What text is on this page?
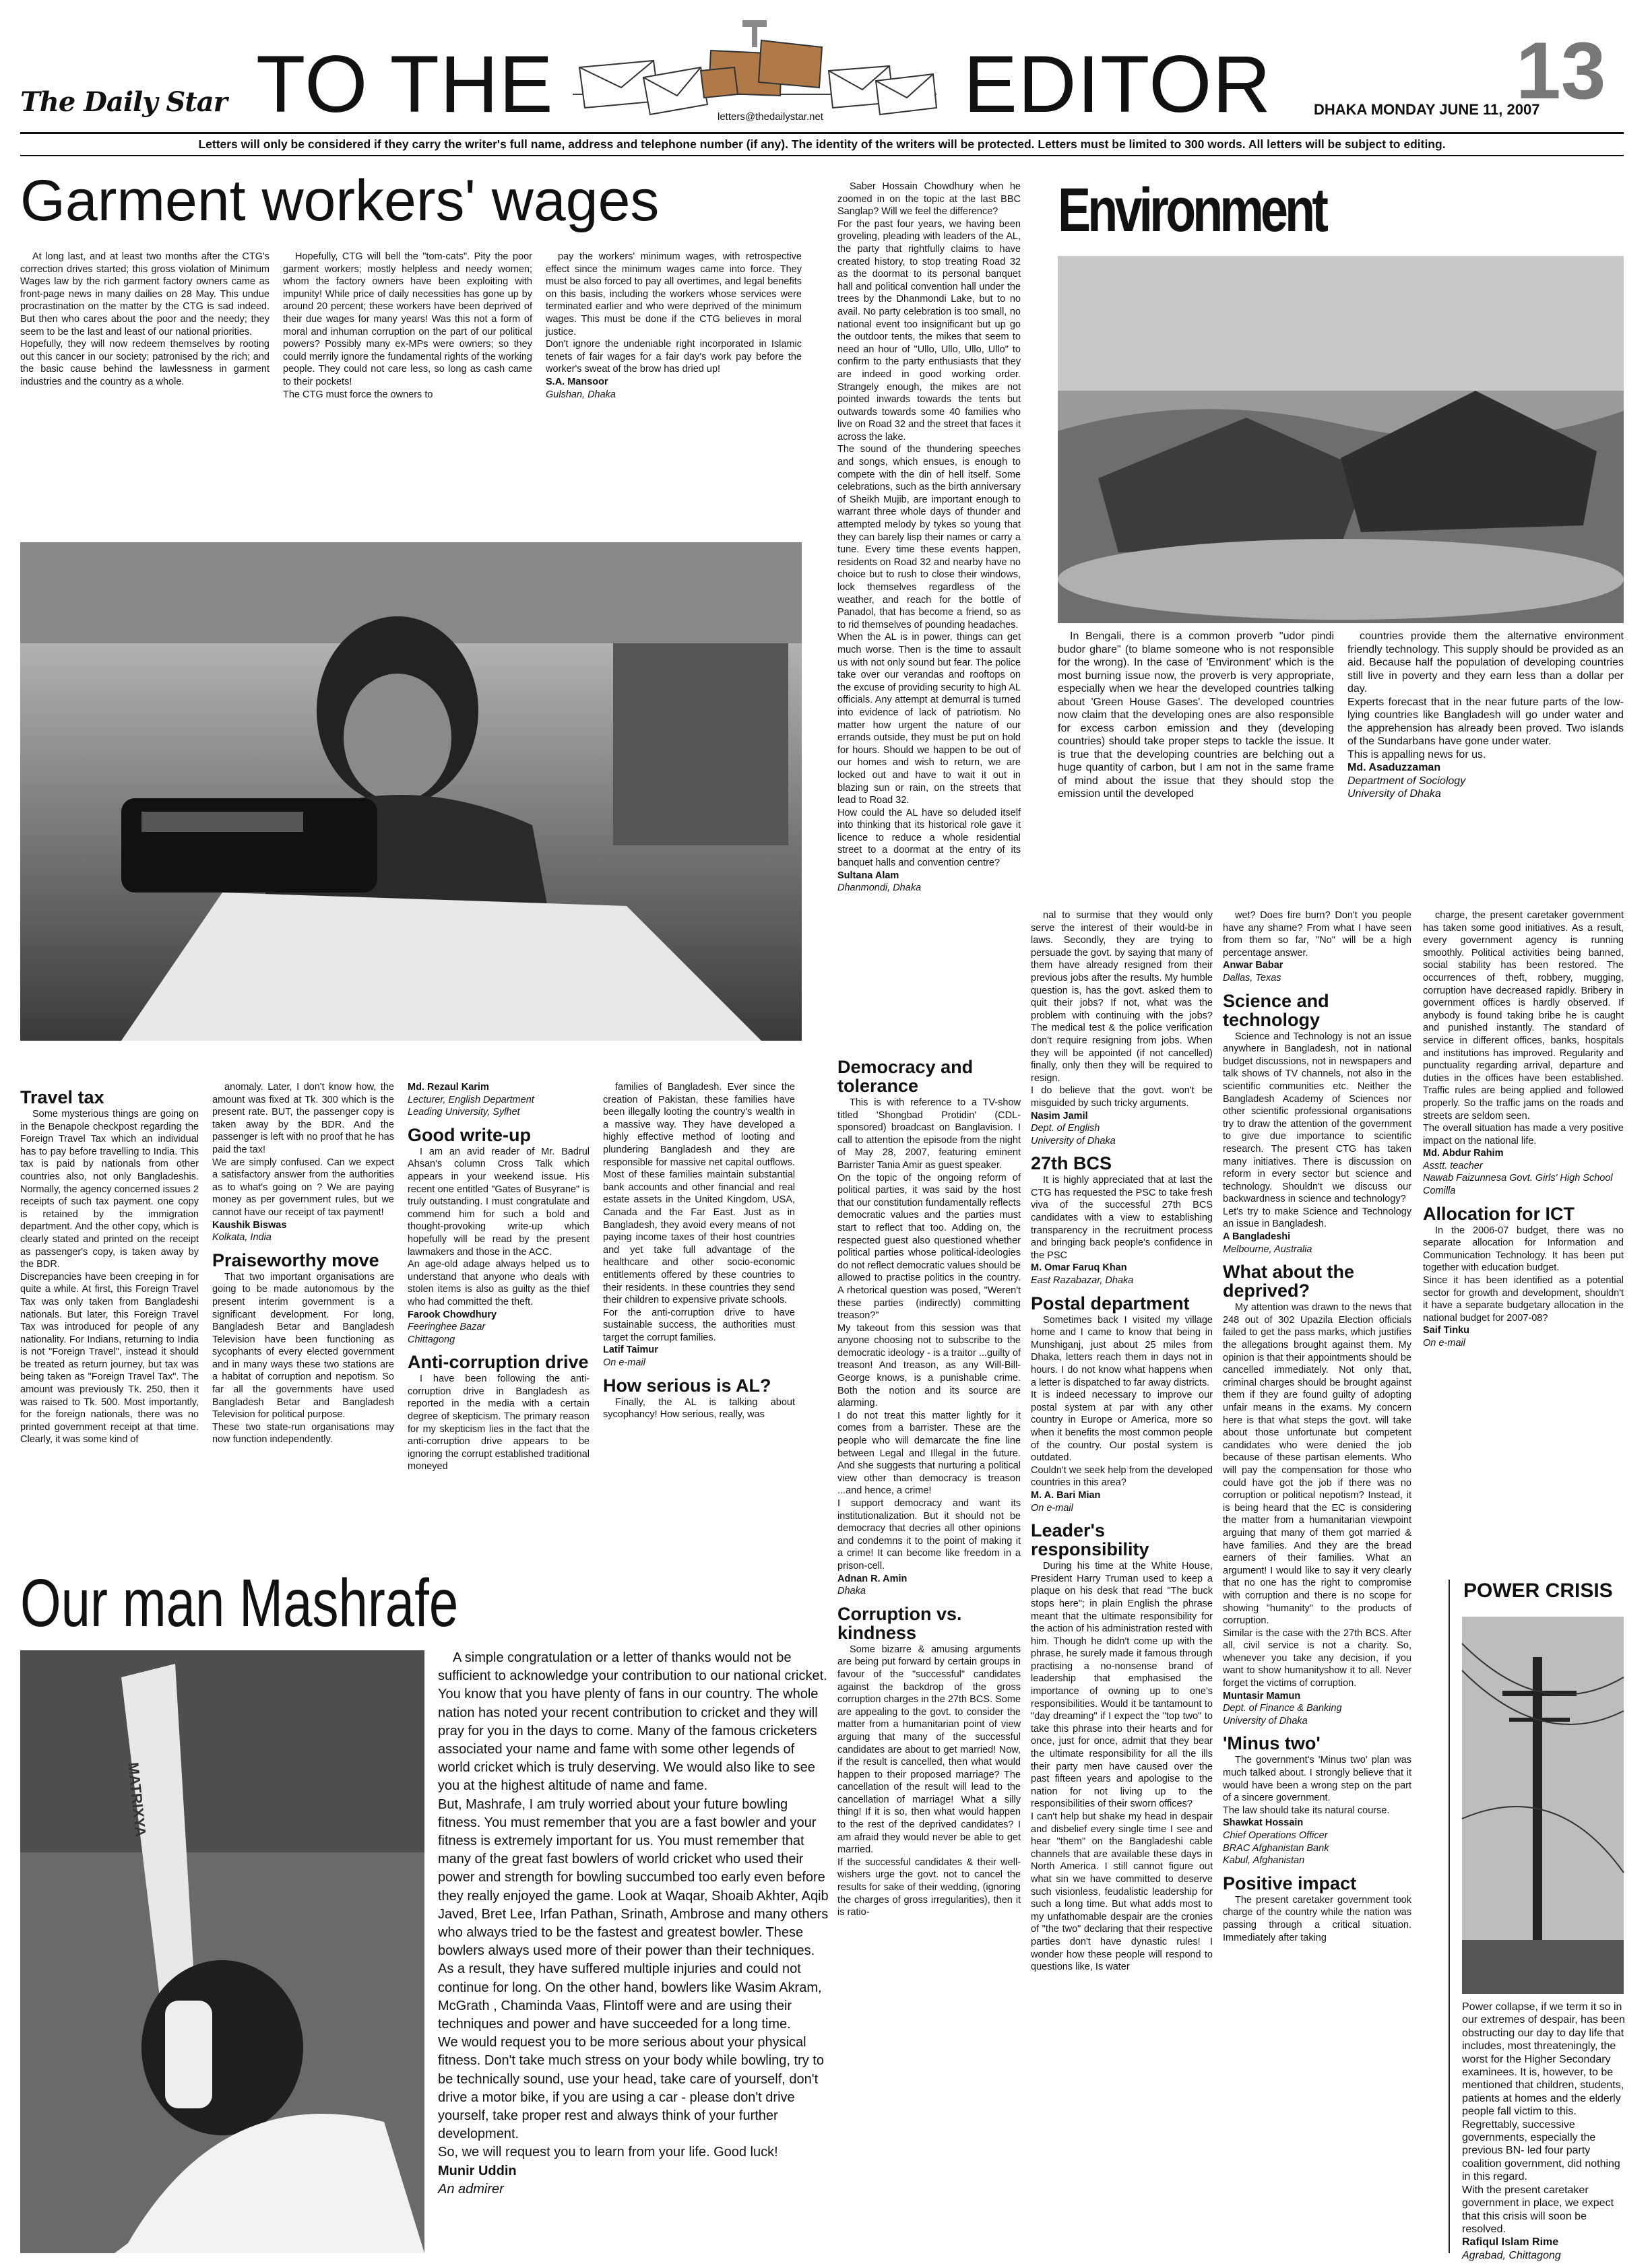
The Daily Star TO THE	letters@thedailystar.net EDITOR	DHAKA MONDAY JUNE 11, 2007
13
Letters will only be considered if they carry the writer's full name, address and telephone number (if any). The identity of the writers will be protected. Letters must be limited to 300 words. All letters will be subject to editing.
Garment workers' wages

At long last, and at least two months after the CTG's correction drives started; this gross violation of Minimum Wages law by the rich garment factory owners came as front-page news in many dailies on 28 May. This undue procrastination on the matter by the CTG is sad indeed. But then who cares about the poor and the needy; they seem to be the last and least of our national priorities.
Hopefully, they will now redeem themselves by rooting out this cancer in our society; patronised by the rich; and the basic cause behind the lawlessness in garment industries and the country as a whole.

Hopefully, CTG will bell the "tom-cats". Pity the poor garment workers; mostly helpless and needy women; whom the factory owners have been exploiting with impunity! While price of daily necessities has gone up by around 20 percent; these workers have been deprived of their due wages for many years! Was this not a form of moral and inhuman corruption on the part of our political powers? Possibly many ex-MPs were owners; so they could merrily ignore the fundamental rights of the working people. They could not care less, so long as cash came to their pockets!
The CTG must force the owners to

pay the workers' minimum wages, with retrospective effect since the minimum wages came into force. They must be also forced to pay all overtimes, and legal benefits on this basis, including the workers whose services were terminated earlier and who were deprived of the minimum wages. This must be done if the CTG believes in moral justice.
Don't ignore the undeniable right incorporated in Islamic tenets of fair wages for a fair day's work pay before the worker's sweat of the brow has dried up!

S.A. Mansoor

Gulshan, Dhaka

Saber Hossain Chowdhury when he zoomed in on the topic at the last BBC Sanglap? Will we feel the difference?
For the past four years, we having been groveling, pleading with leaders of the AL, the party that rightfully claims to have created history, to stop treating Road 32 as the doormat to its personal banquet hall and political convention hall under the trees by the Dhanmondi Lake, but to no avail. No party celebration is too small, no national event too insignificant but up go the outdoor tents, the mikes that seem to need an hour of "Ullo, Ullo, Ullo, Ullo" to confirm to the party enthusiasts that they are indeed in good working order. Strangely enough, the mikes are not pointed inwards towards the tents but outwards towards some 40 families who live on Road 32 and the street that faces it across the lake.
The sound of the thundering speeches and songs, which ensues, is enough to compete with the din of hell itself. Some celebrations, such as the birth anniversary of Sheikh Mujib, are important enough to warrant three whole days of thunder and attempted melody by tykes so young that they can barely lisp their names or carry a tune. Every time these events happen, residents on Road 32 and nearby have no choice but to rush to close their windows, lock themselves regardless of the weather, and reach for the bottle of Panadol, that has become a friend, so as to rid themselves of pounding headaches.
When the AL is in power, things can get much worse. Then is the time to assault us with not only sound but fear. The police take over our verandas and rooftops on the excuse of providing security to high AL officials. Any attempt at demurral is turned into evidence of lack of patriotism. No matter how urgent the nature of our errands outside, they must be put on hold for hours. Should we happen to be out of our homes and wish to return, we are locked out and have to wait it out in blazing sun or rain, on the streets that lead to Road 32.
How could the AL have so deluded itself into thinking that its historical role gave it licence to reduce a whole residential street to a doormat at the entry of its banquet halls and convention centre?

Sultana Alam

Dhanmondi, Dhaka

Environment

In Bengali, there is a common proverb "udor pindi budor ghare" (to blame someone who is not responsible for the wrong). In the case of 'Environment' which is the most burning issue now, the proverb is very appropriate, especially when we hear the developed countries talking about 'Green House Gases'. The developed countries now claim that the developing ones are also responsible for excess carbon emission and they (developing countries) should take proper steps to tackle the issue. It is true that the developing countries are belching out a huge quantity of carbon, but I am not in the same frame of mind about the issue that they should stop the emission until the developed

countries provide them the alternative environment friendly technology. This supply should be provided as an aid. Because half the population of developing countries still live in poverty and they earn less than a dollar per day.
Experts forecast that in the near future parts of the low-lying countries like Bangladesh will go under water and the apprehension has already been proved. Two islands of the Sundarbans have gone under water.
This is appalling news for us.

Md. Asaduzzaman

Department of Sociology
University of Dhaka

Travel tax

Some mysterious things are going on in the Benapole checkpost regarding the Foreign Travel Tax which an individual has to pay before travelling to India. This tax is paid by nationals from other countries also, not only Bangladeshis. Normally, the agency concerned issues 2 receipts of such tax payment. one copy is retained by the immigration department. And the other copy, which is clearly stated and printed on the receipt as passenger's copy, is taken away by the BDR.
Discrepancies have been creeping in for quite a while. At first, this Foreign Travel Tax was only taken from Bangladeshi nationals. But later, this Foreign Travel Tax was introduced for people of any nationality. For Indians, returning to India is not "Foreign Travel", instead it should be treated as return journey, but tax was being taken as "Foreign Travel Tax". The amount was previously Tk. 250, then it was raised to Tk. 500. Most importantly, for the foreign nationals, there was no printed government receipt at that time. Clearly, it was some kind of

anomaly. Later, I don't know how, the amount was fixed at Tk. 300 which is the present rate. BUT, the passenger copy is taken away by the BDR. And the passenger is left with no proof that he has paid the tax!
We are simply confused. Can we expect a satisfactory answer from the authorities as to what's going on ? We are paying money as per government rules, but we cannot have our receipt of tax payment!

Kaushik Biswas

Kolkata, India

Praiseworthy move

That two important organisations are going to be made autonomous by the present interim government is a significant development. For long, Bangladesh Betar and Bangladesh Television have been functioning as sycophants of every elected government and in many ways these two stations are a habitat of corruption and nepotism. So far all the governments have used Bangladesh Betar and Bangladesh Television for political purpose.
These two state-run organisations may now function independently.

Md. Rezaul Karim

Lecturer, English Department
Leading University, Sylhet

Good write-up

I am an avid reader of Mr. Badrul Ahsan's column Cross Talk which appears in your weekend issue. His recent one entitled "Gates of Busyrane" is truly outstanding. I must congratulate and commend him for such a bold and thought-provoking write-up which hopefully will be read by the present lawmakers and those in the ACC.
An age-old adage always helped us to understand that anyone who deals with stolen items is also as guilty as the thief who had committed the theft.

Farook Chowdhury

Feeringhee Bazar
Chittagong

Anti-corruption drive

I have been following the anti-corruption drive in Bangladesh as reported in the media with a certain degree of skepticism. The primary reason for my skepticism lies in the fact that the anti-corruption drive appears to be ignoring the corrupt established traditional moneyed

families of Bangladesh. Ever since the creation of Pakistan, these families have been illegally looting the country's wealth in a massive way. They have developed a highly effective method of looting and plundering Bangladesh and they are responsible for massive net capital outflows. Most of these families maintain substantial bank accounts and other financial and real estate assets in the United Kingdom, USA, Canada and the Far East. Just as in Bangladesh, they avoid every means of not paying income taxes of their host countries and yet take full advantage of the healthcare and other socio-economic entitlements offered by these countries to their residents. In these countries they send their children to expensive private schools.
For the anti-corruption drive to have sustainable success, the authorities must target the corrupt families.

Latif Taimur

On e-mail

How serious is AL?

Finally, the AL is talking about sycophancy! How serious, really, was

Democracy and tolerance

This is with reference to a TV-show titled 'Shongbad Protidin' (CDL-sponsored) broadcast on Banglavision. I call to attention the episode from the night of May 28, 2007, featuring eminent Barrister Tania Amir as guest speaker.
On the topic of the ongoing reform of political parties, it was said by the host that our constitution fundamentally reflects democratic values and the parties must start to reflect that too. Adding on, the respected guest also questioned whether political parties whose political-ideologies do not reflect democratic values should be allowed to practise politics in the country. A rhetorical question was posed, "Weren't these parties (indirectly) committing treason?"
My takeout from this session was that anyone choosing not to subscribe to the democratic ideology - is a traitor ...guilty of treason! And treason, as any Will-Bill-George knows, is a punishable crime. Both the notion and its source are alarming.
I do not treat this matter lightly for it comes from a barrister. These are the people who will demarcate the fine line between Legal and Illegal in the future. And she suggests that nurturing a political view other than democracy is treason ...and hence, a crime!
I support democracy and want its institutionalization. But it should not be democracy that decries all other opinions and condemns it to the point of making it a crime! It can become like freedom in a prison-cell.

Adnan R. Amin

Dhaka

Corruption vs. kindness

Some bizarre & amusing arguments are being put forward by certain groups in favour of the "successful" candidates against the backdrop of the gross corruption charges in the 27th BCS. Some are appealing to the govt. to consider the matter from a humanitarian point of view arguing that many of the successful candidates are about to get married! Now, if the result is cancelled, then what would happen to their proposed marriage? The cancellation of the result will lead to the cancellation of marriage! What a silly thing! If it is so, then what would happen to the rest of the deprived candidates? I am afraid they would never be able to get married.
If the successful candidates & their well-wishers urge the govt. not to cancel the results for sake of their wedding, (ignoring the charges of gross irregularities), then it is ratio-

nal to surmise that they would only serve the interest of their would-be in laws. Secondly, they are trying to persuade the govt. by saying that many of them have already resigned from their previous jobs after the results. My humble question is, has the govt. asked them to quit their jobs? If not, what was the problem with continuing with the jobs? The medical test & the police verification don't require resigning from jobs. When they will be appointed (if not cancelled) finally, only then they will be required to resign.
I do believe that the govt. won't be misguided by such tricky arguments.

Nasim Jamil

Dept. of English
University of Dhaka

27th BCS

It is highly appreciated that at last the CTG has requested the PSC to take fresh viva of the successful 27th BCS candidates with a view to establishing transparency in the recruitment process and bringing back people's confidence in the PSC

M. Omar Faruq Khan

East Razabazar, Dhaka

Postal department

Sometimes back I visited my village home and I came to know that being in Munshiganj, just about 25 miles from Dhaka, letters reach them in days not in hours. I do not know what happens when a letter is dispatched to far away districts.
It is indeed necessary to improve our postal system at par with any other country in Europe or America, more so when it benefits the most common people of the country. Our postal system is outdated.
Couldn't we seek help from the developed countries in this area?

M. A. Bari Mian

On e-mail

Leader's responsibility

During his time at the White House, President Harry Truman used to keep a plaque on his desk that read "The buck stops here"; in plain English the phrase meant that the ultimate responsibility for the action of his administration rested with him. Though he didn't come up with the phrase, he surely made it famous through practising a no-nonsense brand of leadership that emphasised the importance of owning up to one's responsibilities. Would it be tantamount to "day dreaming" if I expect the "top two" to take this phrase into their hearts and for once, just for once, admit that they bear the ultimate responsibility for all the ills their party men have caused over the past fifteen years and apologise to the nation for not living up to the responsibilities of their sworn offices?
I can't help but shake my head in despair and disbelief every single time I see and hear "them" on the Bangladeshi cable channels that are available these days in North America. I still cannot figure out what sin we have committed to deserve such visionless, feudalistic leadership for such a long time. But what adds most to my unfathomable despair are the cronies of "the two" declaring that their respective parties don't have dynastic rules! I wonder how these people will respond to questions like, Is water

wet? Does fire burn? Don't you people have any shame? From what I have seen from them so far, "No" will be a high percentage answer.

Anwar Babar

Dallas, Texas

Science and technology

Science and Technology is not an issue anywhere in Bangladesh, not in national budget discussions, not in newspapers and talk shows of TV channels, not also in the scientific communities etc. Neither the Bangladesh Academy of Sciences nor other scientific professional organisations try to draw the attention of the government to give due importance to scientific research. The present CTG has taken many initiatives. There is discussion on reform in every sector but science and technology. Shouldn't we discuss our backwardness in science and technology?
Let's try to make Science and Technology an issue in Bangladesh.

A Bangladeshi

Melbourne, Australia

What about the deprived?

My attention was drawn to the news that 248 out of 302 Upazila Election officials failed to get the pass marks, which justifies the allegations brought against them. My opinion is that their appointments should be cancelled immediately. Not only that, criminal charges should be brought against them if they are found guilty of adopting unfair means in the exams. My concern here is that what steps the govt. will take about those unfortunate but competent candidates who were denied the job because of these partisan elements. Who will pay the compensation for those who could have got the job if there was no corruption or political nepotism? Instead, it is being heard that the EC is considering the matter from a humanitarian viewpoint arguing that many of them got married & have families. And they are the bread earners of their families. What an argument! I would like to say it very clearly that no one has the right to compromise with corruption and there is no scope for showing "humanity" to the products of corruption.
Similar is the case with the 27th BCS. After all, civil service is not a charity. So, whenever you take any decision, if you want to show humanityshow it to all. Never forget the victims of corruption.

Muntasir Mamun

Dept. of Finance & Banking
University of Dhaka

'Minus two'

The government's 'Minus two' plan was much talked about. I strongly believe that it would have been a wrong step on the part of a sincere government.
The law should take its natural course.

Shawkat Hossain

Chief Operations Officer
BRAC Afghanistan Bank
Kabul, Afghanistan

Positive impact

The present caretaker government took charge of the country while the nation was passing through a critical situation. Immediately after taking

charge, the present caretaker government has taken some good initiatives. As a result, every government agency is running smoothly. Political activities being banned, social stability has been restored. The occurrences of theft, robbery, mugging, corruption have decreased rapidly. Bribery in government offices is hardly observed. If anybody is found taking bribe he is caught and punished instantly. The standard of service in different offices, banks, hospitals and institutions has improved. Regularity and punctuality regarding arrival, departure and duties in the offices have been established. Traffic rules are being applied and followed properly. So the traffic jams on the roads and streets are seldom seen.
The overall situation has made a very positive impact on the national life.

Md. Abdur Rahim

Asstt. teacher
Nawab Faizunnesa Govt. Girls' High School
Comilla

Allocation for ICT

In the 2006-07 budget, there was no separate allocation for Information and Communication Technology. It has been put together with education budget.
Since it has been identified as a potential sector for growth and development, shouldn't it have a separate budgetary allocation in the national budget for 2007-08?

Saif Tinku

On e-mail

POWER CRISIS

Power collapse, if we term it so in our extremes of despair, has been obstructing our day to day life that includes, most threateningly, the worst for the Higher Secondary examinees. It is, however, to be mentioned that children, students, patients at homes and the elderly people fall victim to this.
Regrettably, successive governments, especially the previous BN- led four party coalition government, did nothing in this regard.
With the present caretaker government in place, we expect that this crisis will soon be resolved.

Rafiqul Islam Rime

Agrabad, Chittagong

Our man Mashrafe
MATRIXYA

A simple congratulation or a letter of thanks would not be sufficient to acknowledge your contribution to our national cricket. You know that you have plenty of fans in our country. The whole nation has noted your recent contribution to cricket and they will pray for you in the days to come. Many of the famous cricketers associated your name and fame with some other legends of world cricket which is truly deserving. We would also like to see you at the highest altitude of name and fame.
But, Mashrafe, I am truly worried about your future bowling fitness. You must remember that you are a fast bowler and your fitness is extremely important for us. You must remember that many of the great fast bowlers of world cricket who used their power and strength for bowling succumbed too early even before they really enjoyed the game. Look at Waqar, Shoaib Akhter, Aqib Javed, Bret Lee, Irfan Pathan, Srinath, Ambrose and many others who always tried to be the fastest and greatest bowler. These bowlers always used more of their power than their techniques. As a result, they have suffered multiple injuries and could not continue for long. On the other hand, bowlers like Wasim Akram, McGrath , Chaminda Vaas, Flintoff were and are using their techniques and power and have succeeded for a long time.
We would request you to be more serious about your physical fitness. Don't take much stress on your body while bowling, try to be technically sound, use your head, take care of yourself, don't drive a motor bike, if you are using a car - please don't drive yourself, take proper rest and always think of your further development.
So, we will request you to learn from your life. Good luck!

Munir Uddin

An admirer
